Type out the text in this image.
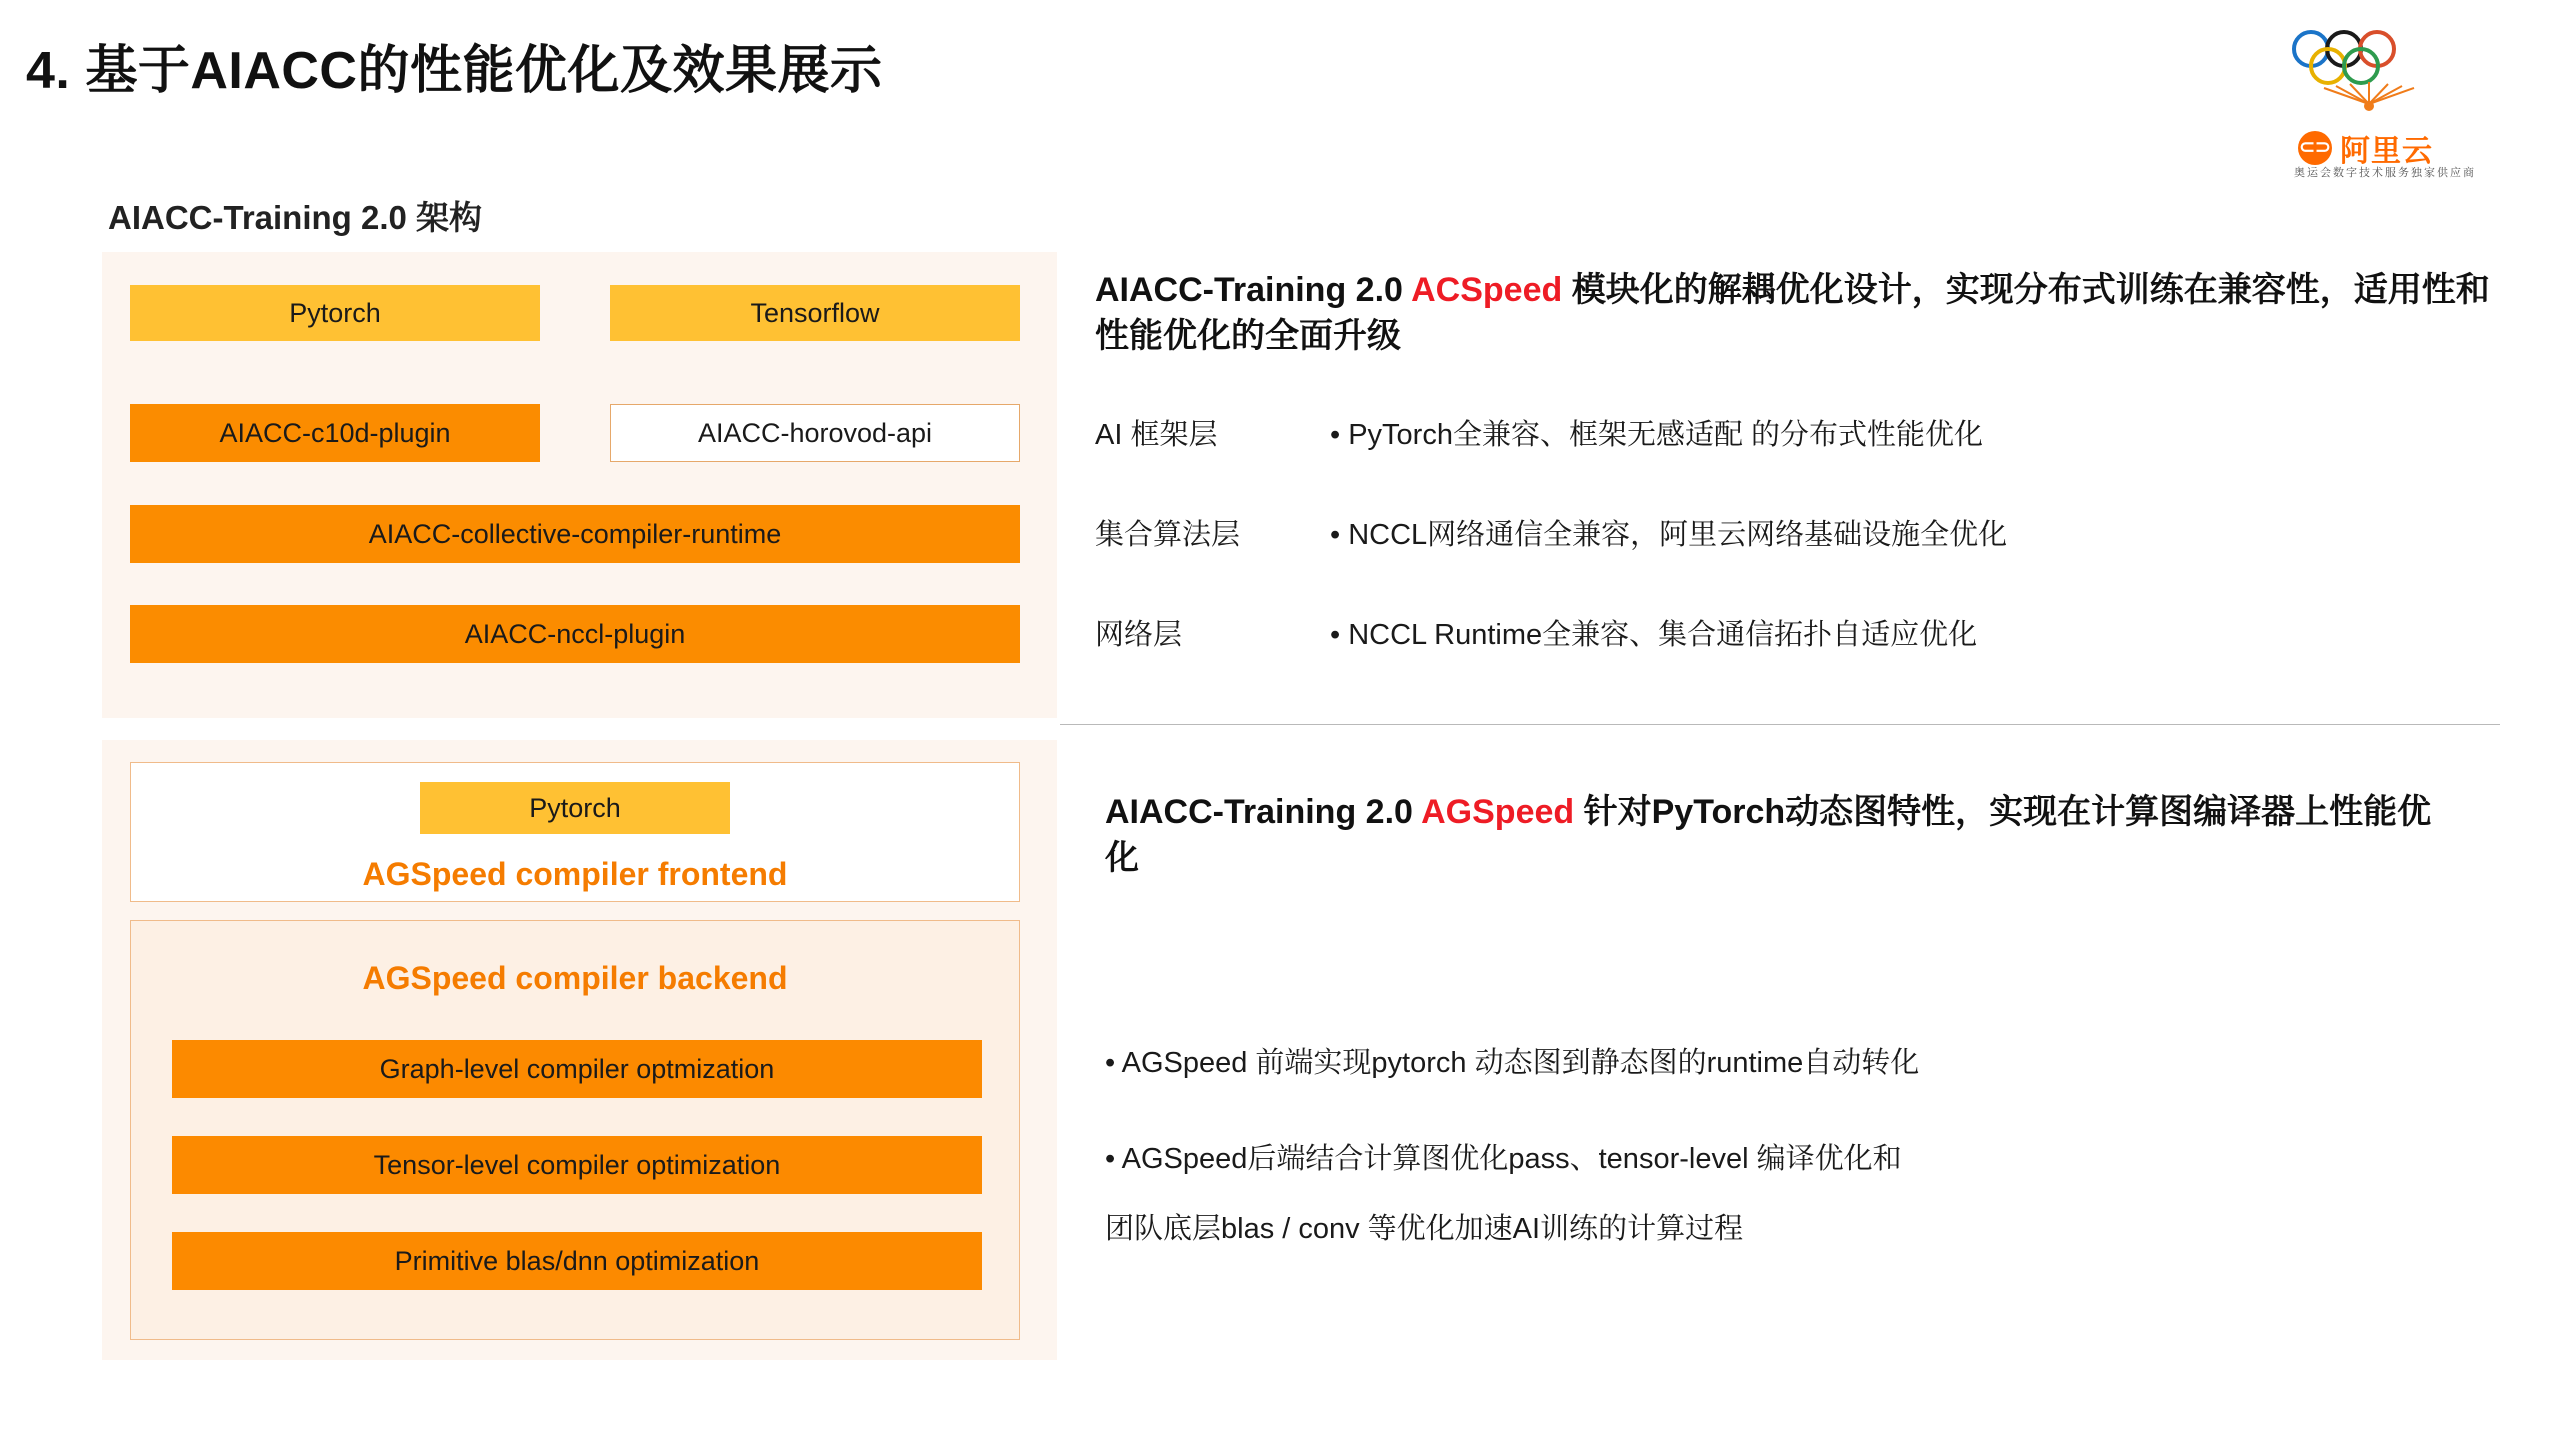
4. 基于AIACC的性能优化及效果展示
⊂⊃ 阿里云
奥运会数字技术服务独家供应商
AIACC-Training 2.0 架构
Pytorch	Tensorflow
AIACC-c10d-plugin	AIACC-horovod-api
AIACC-collective-compiler-runtime
AIACC-nccl-plugin
Pytorch
AGSpeed compiler frontend
AGSpeed compiler backend
Graph-level compiler optmization
Tensor-level compiler optimization
Primitive blas/dnn optimization
AIACC-Training 2.0 ACSpeed 模块化的解耦优化设计，实现分布式训练在兼容性，适用性和性能优化的全面升级
AI 框架层	• PyTorch全兼容、框架无感适配 的分布式性能优化
集合算法层	• NCCL网络通信全兼容，阿里云网络基础设施全优化
网络层	• NCCL Runtime全兼容、集合通信拓扑自适应优化
AIACC-Training 2.0 AGSpeed 针对PyTorch动态图特性，实现在计算图编译器上性能优化
• AGSpeed 前端实现pytorch 动态图到静态图的runtime自动转化
• AGSpeed后端结合计算图优化pass、tensor-level 编译优化和
团队底层blas / conv 等优化加速AI训练的计算过程
